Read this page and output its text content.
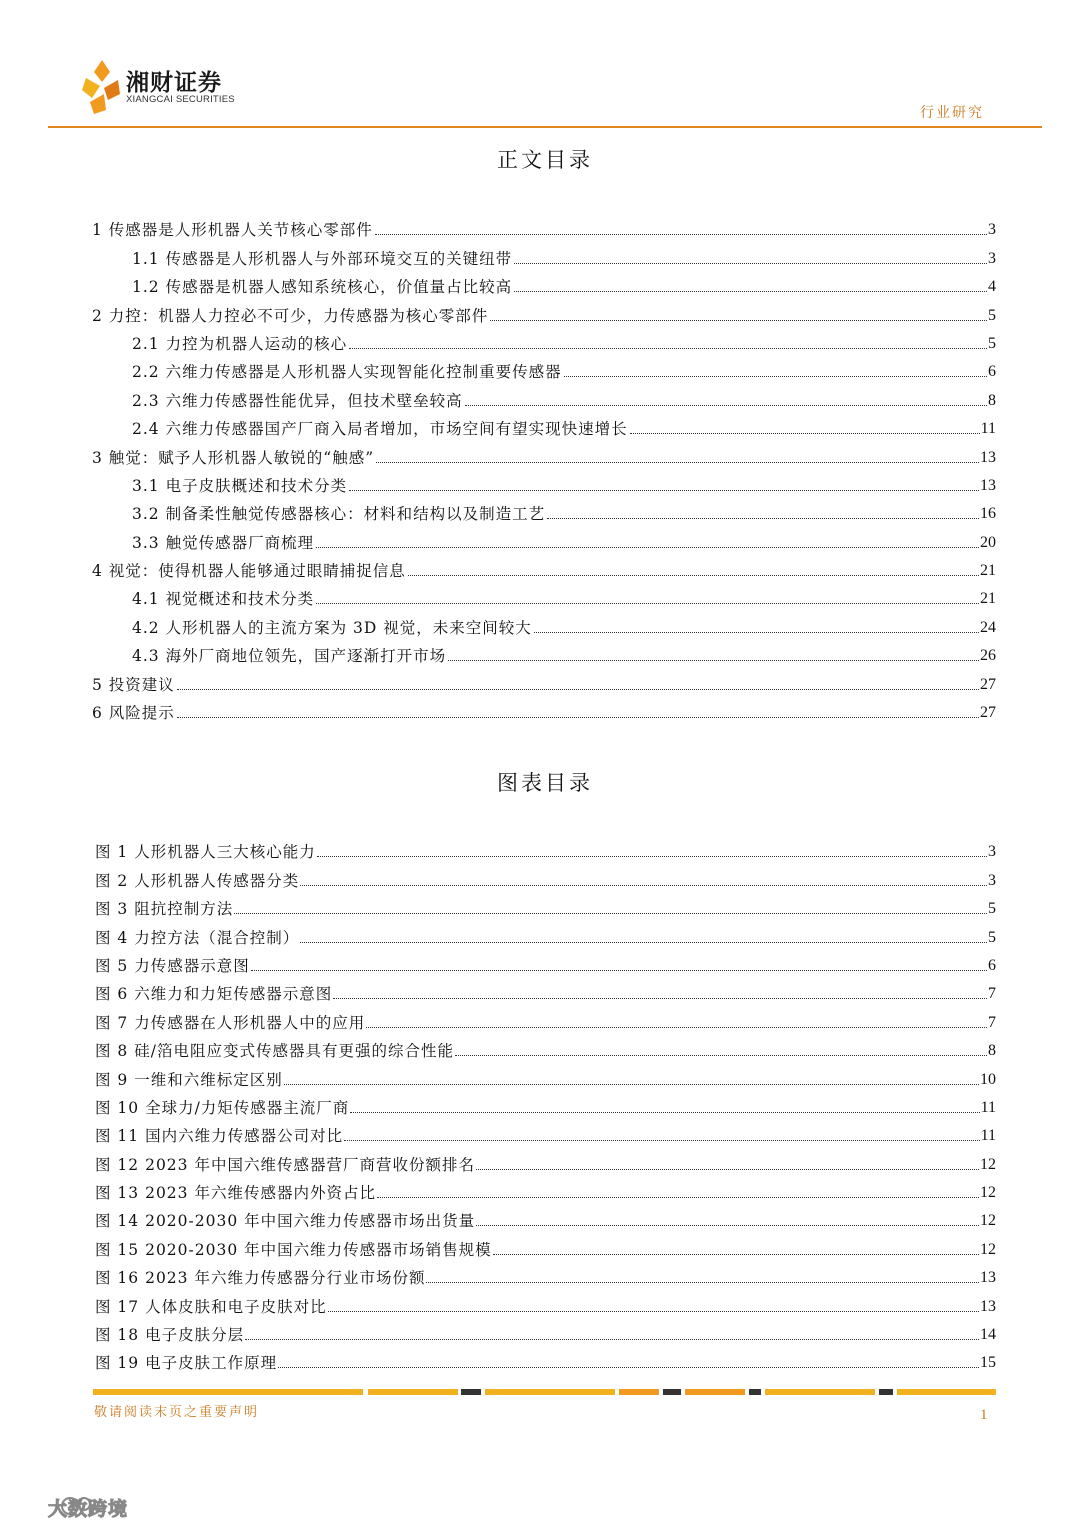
湘财证券
XIANGCAI SECURITIES
行业研究
正文目录
1 传感器是人形机器人关节核心零部件	3
1.1 传感器是人形机器人与外部环境交互的关键纽带	3
1.2 传感器是机器人感知系统核心，价值量占比较高	4
2 力控：机器人力控必不可少，力传感器为核心零部件	5
2.1 力控为机器人运动的核心	5
2.2 六维力传感器是人形机器人实现智能化控制重要传感器	6
2.3 六维力传感器性能优异，但技术壁垒较高	8
2.4 六维力传感器国产厂商入局者增加，市场空间有望实现快速增长	11
3 触觉：赋予人形机器人敏锐的“触感”	13
3.1 电子皮肤概述和技术分类	13
3.2 制备柔性触觉传感器核心：材料和结构以及制造工艺	16
3.3 触觉传感器厂商梳理	20
4 视觉：使得机器人能够通过眼睛捕捉信息	21
4.1 视觉概述和技术分类	21
4.2 人形机器人的主流方案为 3D 视觉，未来空间较大	24
4.3 海外厂商地位领先，国产逐渐打开市场	26
5 投资建议	27
6 风险提示	27
图表目录
图 1 人形机器人三大核心能力	3
图 2 人形机器人传感器分类	3
图 3 阻抗控制方法	5
图 4 力控方法（混合控制）	5
图 5 力传感器示意图	6
图 6 六维力和力矩传感器示意图	7
图 7 力传感器在人形机器人中的应用	7
图 8 硅/箔电阻应变式传感器具有更强的综合性能	8
图 9 一维和六维标定区别	10
图 10 全球力/力矩传感器主流厂商	11
图 11 国内六维力传感器公司对比	11
图 12 2023 年中国六维传感器营厂商营收份额排名	12
图 13 2023 年六维传感器内外资占比	12
图 14 2020-2030 年中国六维力传感器市场出货量	12
图 15 2020-2030 年中国六维力传感器市场销售规模	12
图 16 2023 年六维力传感器分行业市场份额	13
图 17 人体皮肤和电子皮肤对比	13
图 18 电子皮肤分层	14
图 19 电子皮肤工作原理	15
敬请阅读末页之重要声明	1
大数跨境
